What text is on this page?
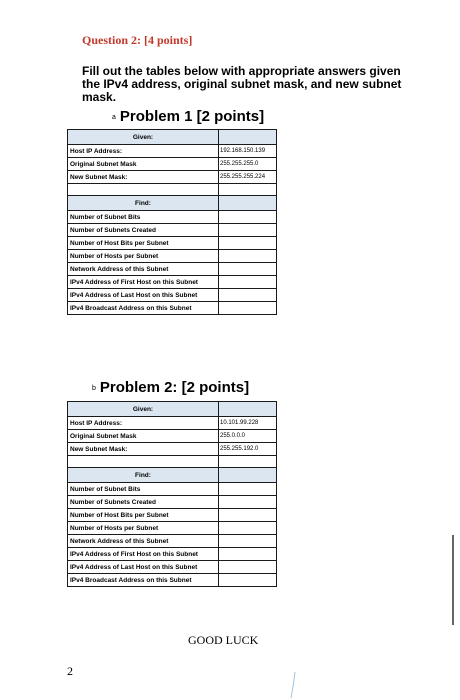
Question 2: [4 points]
Fill out the tables below with appropriate answers given the IPv4 address, original subnet mask, and new subnet mask.
a Problem 1 [2 points]
Given:	
Host IP Address:	192.168.150.139
Original Subnet Mask	255.255.255.0
New Subnet Mask:	255.255.255.224

Find:	
Number of Subnet Bits	
Number of Subnets Created	
Number of Host Bits per Subnet	
Number of Hosts per Subnet	
Network Address of this Subnet	
IPv4 Address of First Host on this Subnet	
IPv4 Address of Last Host on this Subnet	
IPv4 Broadcast Address on this Subnet	
b Problem 2: [2 points]
Given:	
Host IP Address:	10.101.99.228
Original Subnet Mask	255.0.0.0
New Subnet Mask:	255.255.192.0

Find:	
Number of Subnet Bits	
Number of Subnets Created	
Number of Host Bits per Subnet	
Number of Hosts per Subnet	
Network Address of this Subnet	
IPv4 Address of First Host on this Subnet	
IPv4 Address of Last Host on this Subnet	
IPv4 Broadcast Address on this Subnet	
GOOD LUCK
2
